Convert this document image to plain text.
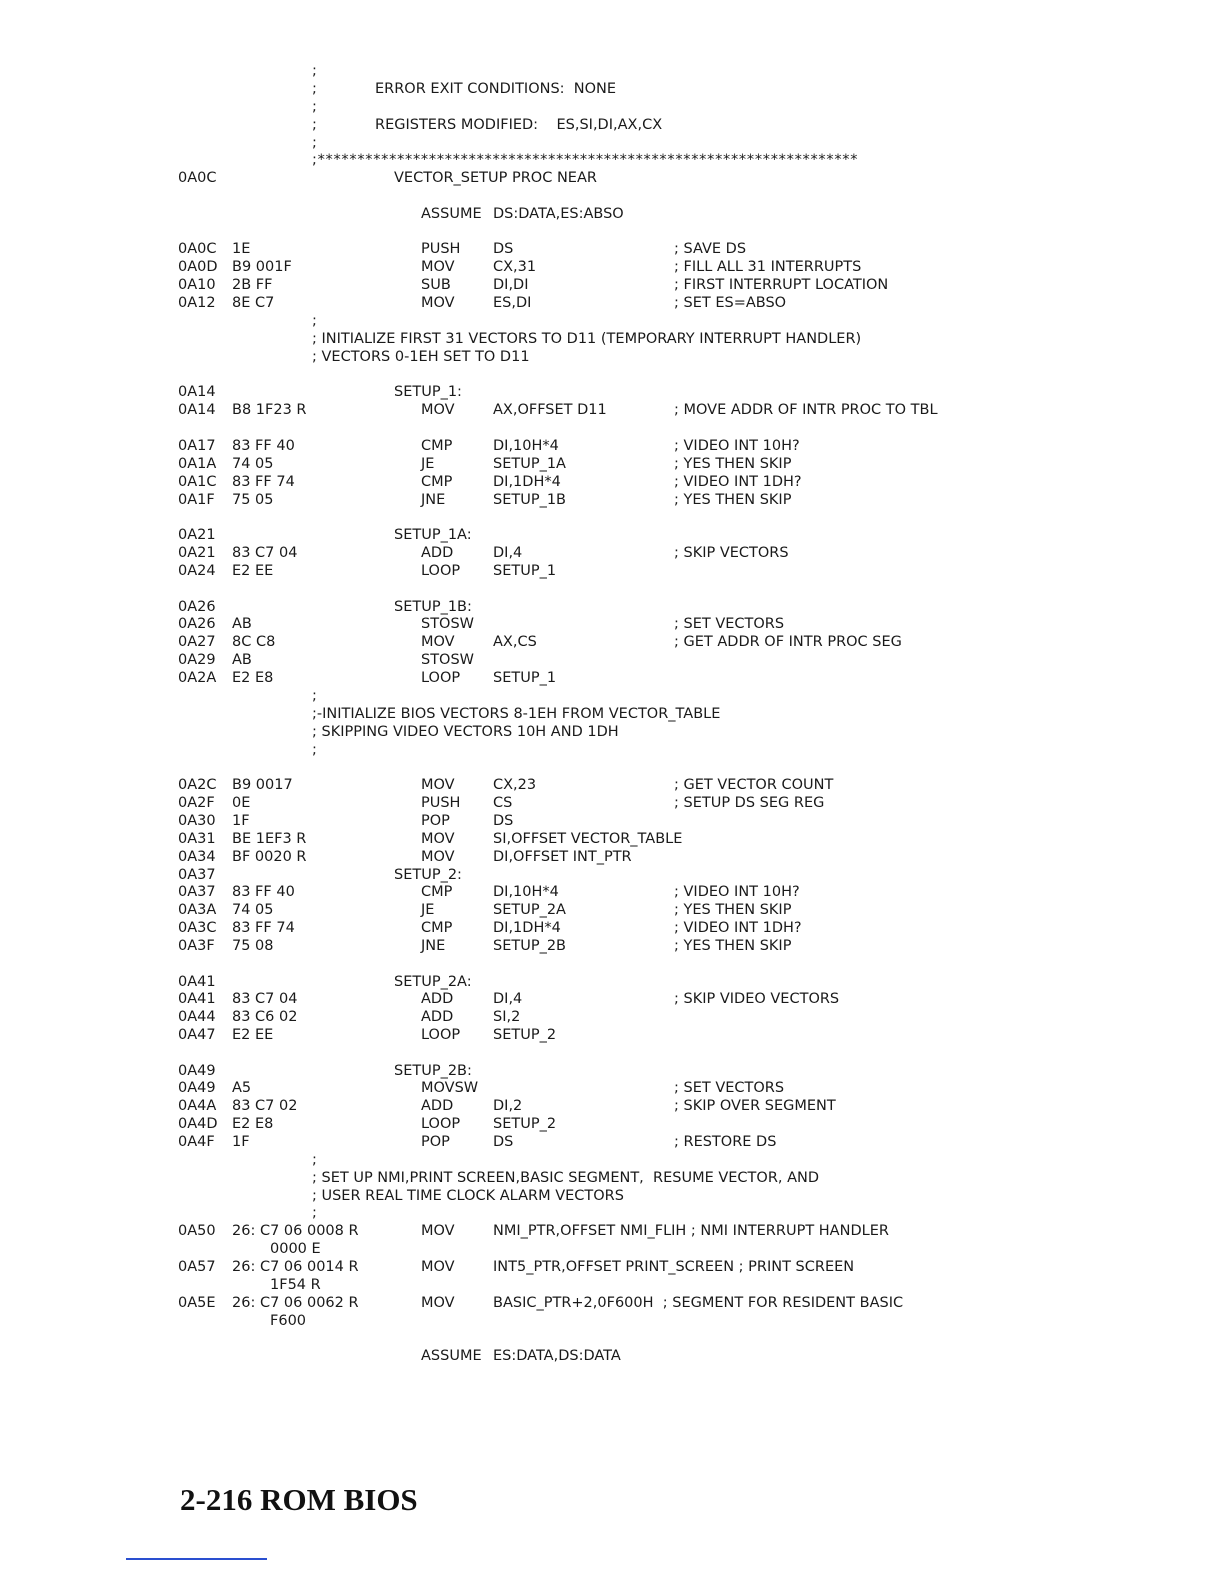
;
;	ERROR EXIT CONDITIONS:  NONE
;
;	REGISTERS MODIFIED:    ES,SI,DI,AX,CX
;
;********************************************************************
0A0C	VECTOR_SETUP PROC NEAR
ASSUME DS:DATA,ES:ABSO
0A0C 1E	PUSH DS	; SAVE DS
0A0D B9 001F	MOV	CX,31	; FILL ALL 31 INTERRUPTS
0A10 2B FF	SUB	DI,DI	; FIRST INTERRUPT LOCATION
0A12 8E C7	MOV	ES,DI	; SET ES=ABSO
;
; INITIALIZE FIRST 31 VECTORS TO D11 (TEMPORARY INTERRUPT HANDLER)
; VECTORS 0-1EH SET TO D11
0A14	SETUP_1:
0A14 B8 1F23 R	MOV	AX,OFFSET D11	; MOVE ADDR OF INTR PROC TO TBL
0A17 83 FF 40	CMP	DI,10H*4	; VIDEO INT 10H?
0A1A 74 05	JE	SETUP_1A	; YES THEN SKIP
0A1C 83 FF 74	CMP	DI,1DH*4	; VIDEO INT 1DH?
0A1F 75 05	JNE	SETUP_1B	; YES THEN SKIP
0A21	SETUP_1A:
0A21 83 C7 04	ADD	DI,4	; SKIP VECTORS
0A24 E2 EE	LOOP SETUP_1
0A26	SETUP_1B:
0A26 AB	STOSW	; SET VECTORS
0A27 8C C8	MOV	AX,CS	; GET ADDR OF INTR PROC SEG
0A29 AB	STOSW
0A2A E2 E8	LOOP SETUP_1
;
;-INITIALIZE BIOS VECTORS 8-1EH FROM VECTOR_TABLE
; SKIPPING VIDEO VECTORS 10H AND 1DH
;
0A2C B9 0017	MOV	CX,23	; GET VECTOR COUNT
0A2F 0E	PUSH CS	; SETUP DS SEG REG
0A30 1F	POP	DS
0A31 BE 1EF3 R	MOV	SI,OFFSET VECTOR_TABLE
0A34 BF 0020 R	MOV	DI,OFFSET INT_PTR
0A37	SETUP_2:
0A37 83 FF 40	CMP	DI,10H*4	; VIDEO INT 10H?
0A3A 74 05	JE	SETUP_2A	; YES THEN SKIP
0A3C 83 FF 74	CMP	DI,1DH*4	; VIDEO INT 1DH?
0A3F 75 08	JNE	SETUP_2B	; YES THEN SKIP
0A41	SETUP_2A:
0A41 83 C7 04	ADD	DI,4	; SKIP VIDEO VECTORS
0A44 83 C6 02	ADD	SI,2
0A47 E2 EE	LOOP SETUP_2
0A49	SETUP_2B:
0A49 A5	MOVSW	; SET VECTORS
0A4A 83 C7 02	ADD	DI,2	; SKIP OVER SEGMENT
0A4D E2 E8	LOOP SETUP_2
0A4F 1F	POP	DS	; RESTORE DS
;
; SET UP NMI,PRINT SCREEN,BASIC SEGMENT,  RESUME VECTOR, AND
; USER REAL TIME CLOCK ALARM VECTORS
;
0A50 26: C7 06 0008 R	MOV	NMI_PTR,OFFSET NMI_FLIH ; NMI INTERRUPT HANDLER
0000 E
0A57 26: C7 06 0014 R	MOV	INT5_PTR,OFFSET PRINT_SCREEN ; PRINT SCREEN
1F54 R
0A5E 26: C7 06 0062 R	MOV	BASIC_PTR+2,0F600H  ; SEGMENT FOR RESIDENT BASIC
F600
ASSUME ES:DATA,DS:DATA
2-216 ROM BIOS
